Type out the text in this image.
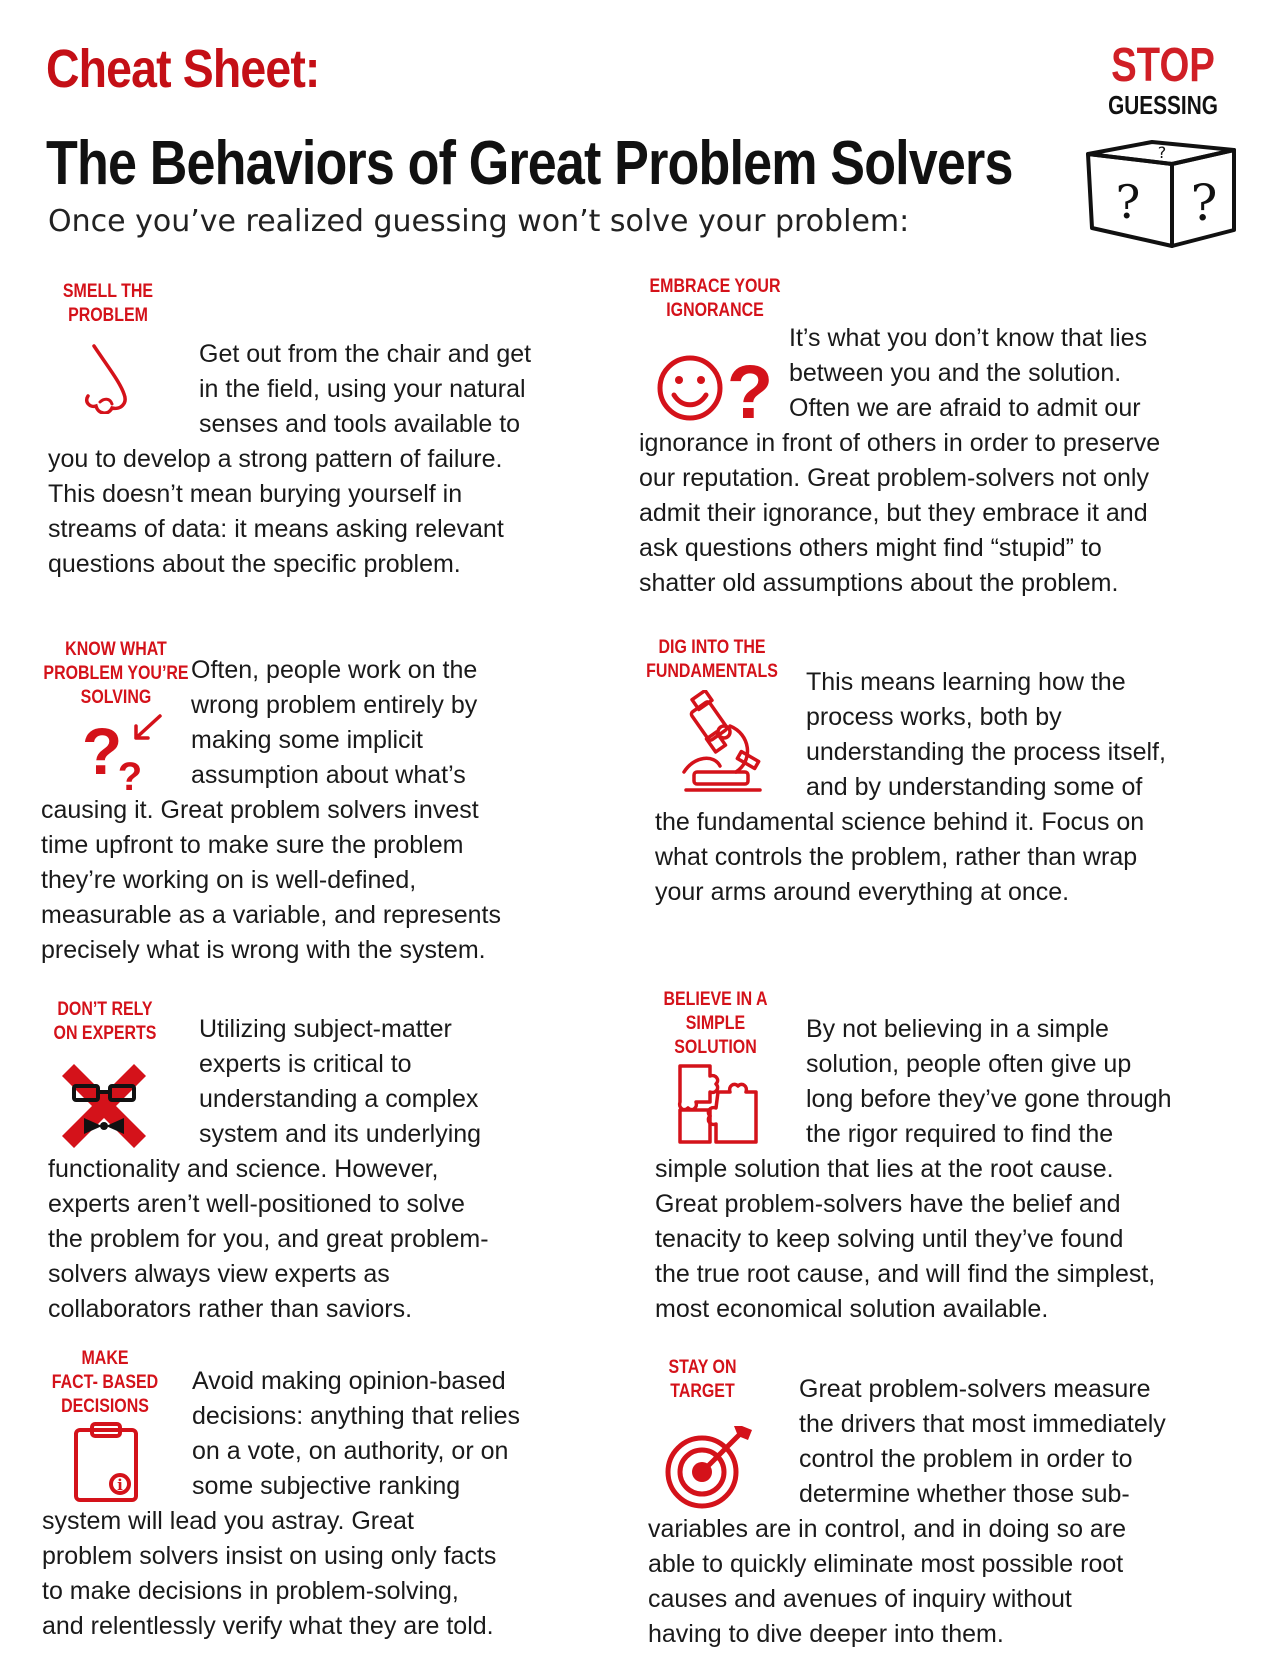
Cheat Sheet:
The Behaviors of Great Problem Solvers
Once you’ve realized guessing won’t solve your problem:
STOP
GUESSING
?
? ?
SMELL THE
PROBLEM
Get out from the chair and get
in the field, using your natural
senses and tools available to
you to develop a strong pattern of failure.
This doesn’t mean burying yourself in
streams of data: it means asking relevant
questions about the specific problem.
EMBRACE YOUR
IGNORANCE
?
It’s what you don’t know that lies
between you and the solution.
Often we are afraid to admit our
ignorance in front of others in order to preserve
our reputation. Great problem-solvers not only
admit their ignorance, but they embrace it and
ask questions others might find “stupid” to
shatter old assumptions about the problem.
KNOW WHAT
PROBLEM YOU’RE
SOLVING
?
?
Often, people work on the
wrong problem entirely by
making some implicit
assumption about what’s
causing it. Great problem solvers invest
time upfront to make sure the problem
they’re working on is well-defined,
measurable as a variable, and represents
precisely what is wrong with the system.
DIG INTO THE
FUNDAMENTALS This means learning how the
process works, both by
understanding the process itself,
and by understanding some of
the fundamental science behind it. Focus on
what controls the problem, rather than wrap
your arms around everything at once.
DON’T RELY
ON EXPERTS Utilizing subject-matter
experts is critical to
understanding a complex
system and its underlying
functionality and science. However,
experts aren’t well-positioned to solve
the problem for you, and great problem-
solvers always view experts as
collaborators rather than saviors.
BELIEVE IN A
SIMPLE
SOLUTION
By not believing in a simple
solution, people often give up
long before they’ve gone through
the rigor required to find the
simple solution that lies at the root cause.
Great problem-solvers have the belief and
tenacity to keep solving until they’ve found
the true root cause, and will find the simplest,
most economical solution available.
MAKE
FACT- BASED
DECISIONS
i
Avoid making opinion-based
decisions: anything that relies
on a vote, on authority, or on
some subjective ranking
system will lead you astray. Great
problem solvers insist on using only facts
to make decisions in problem-solving,
and relentlessly verify what they are told.
STAY ON
TARGET	Great problem-solvers measure
the drivers that most immediately
control the problem in order to
determine whether those sub-
variables are in control, and in doing so are
able to quickly eliminate most possible root
causes and avenues of inquiry without
having to dive deeper into them.
